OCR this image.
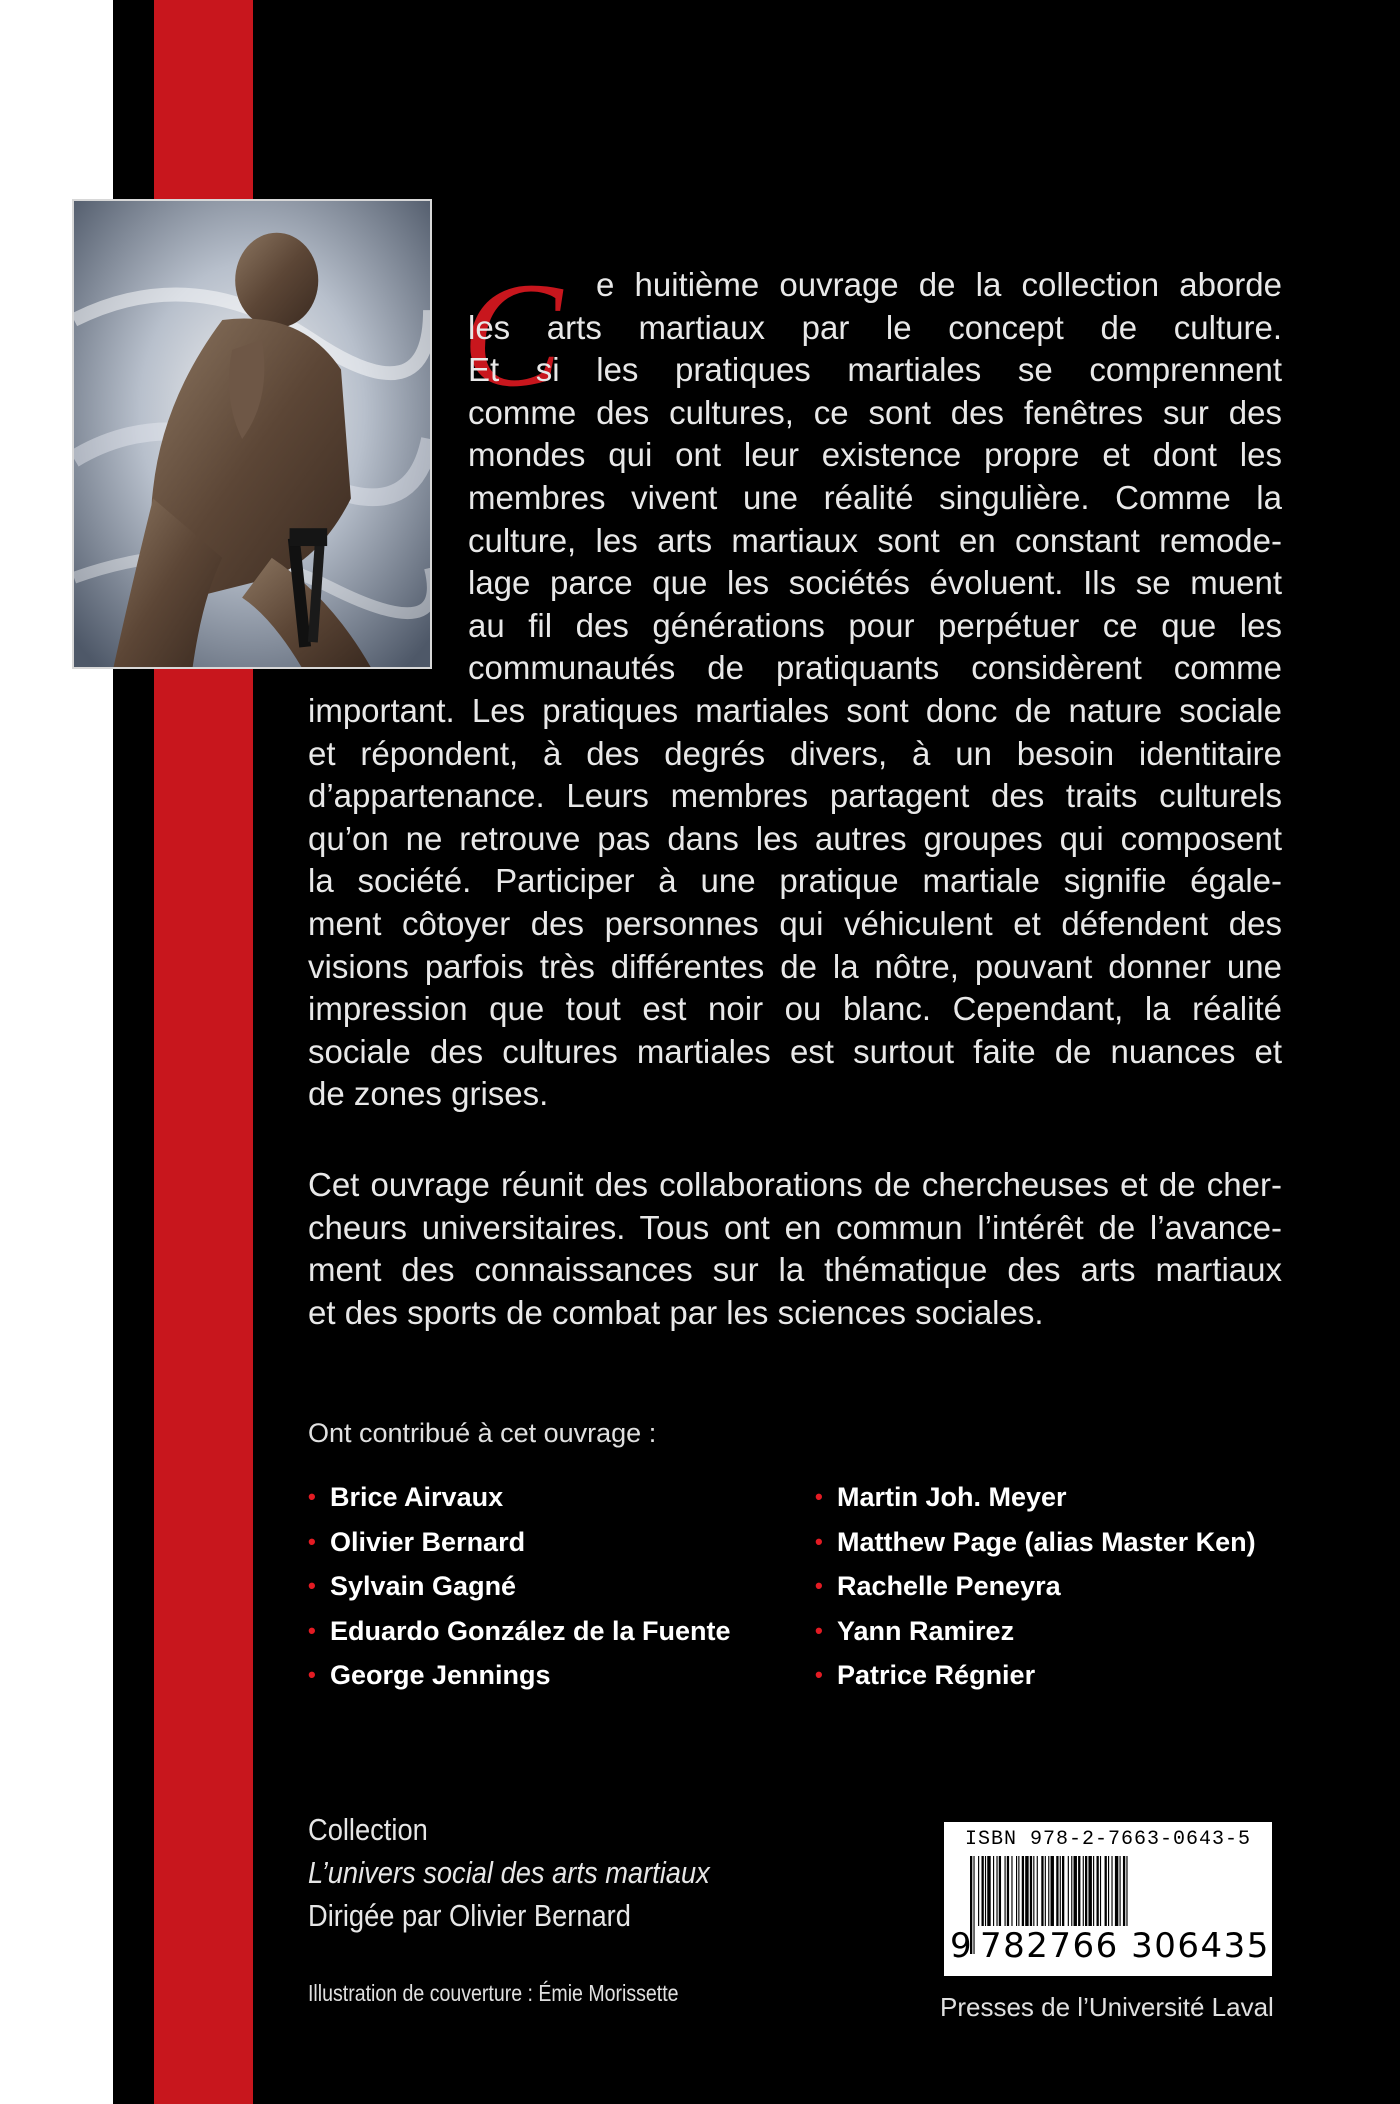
C	e huitième ouvrage de la collection aborde
les arts martiaux par le concept de culture.
Et si les pratiques martiales se comprennent
comme des cultures, ce sont des fenêtres sur des
mondes qui ont leur existence propre et dont les
membres vivent une réalité singulière. Comme la
culture, les arts martiaux sont en constant remode-
lage parce que les sociétés évoluent. Ils se muent
au fil des générations pour perpétuer ce que les
communautés de pratiquants considèrent comme
important. Les pratiques martiales sont donc de nature sociale
et répondent, à des degrés divers, à un besoin identitaire
d’appartenance. Leurs membres partagent des traits culturels
qu’on ne retrouve pas dans les autres groupes qui composent
la société. Participer à une pratique martiale signifie égale-
ment côtoyer des personnes qui véhiculent et défendent des
visions parfois très différentes de la nôtre, pouvant donner une
impression que tout est noir ou blanc. Cependant, la réalité
sociale des cultures martiales est surtout faite de nuances et
de zones grises.
Cet ouvrage réunit des collaborations de chercheuses et de cher-
cheurs universitaires. Tous ont en commun l’intérêt de l’avance-
ment des connaissances sur la thématique des arts martiaux
et des sports de combat par les sciences sociales.
Ont contribué à cet ouvrage :
• Brice Airvaux
• Olivier Bernard
• Sylvain Gagné
• Eduardo González de la Fuente
• George Jennings
• Martin Joh. Meyer
• Matthew Page (alias Master Ken)
• Rachelle Peneyra
• Yann Ramirez
• Patrice Régnier
Collection
L’univers social des arts martiaux
Dirigée par Olivier Bernard
Illustration de couverture : Émie Morissette
ISBN 978-2-7663-0643-5
9 782766 306435
Presses de l’Université Laval
